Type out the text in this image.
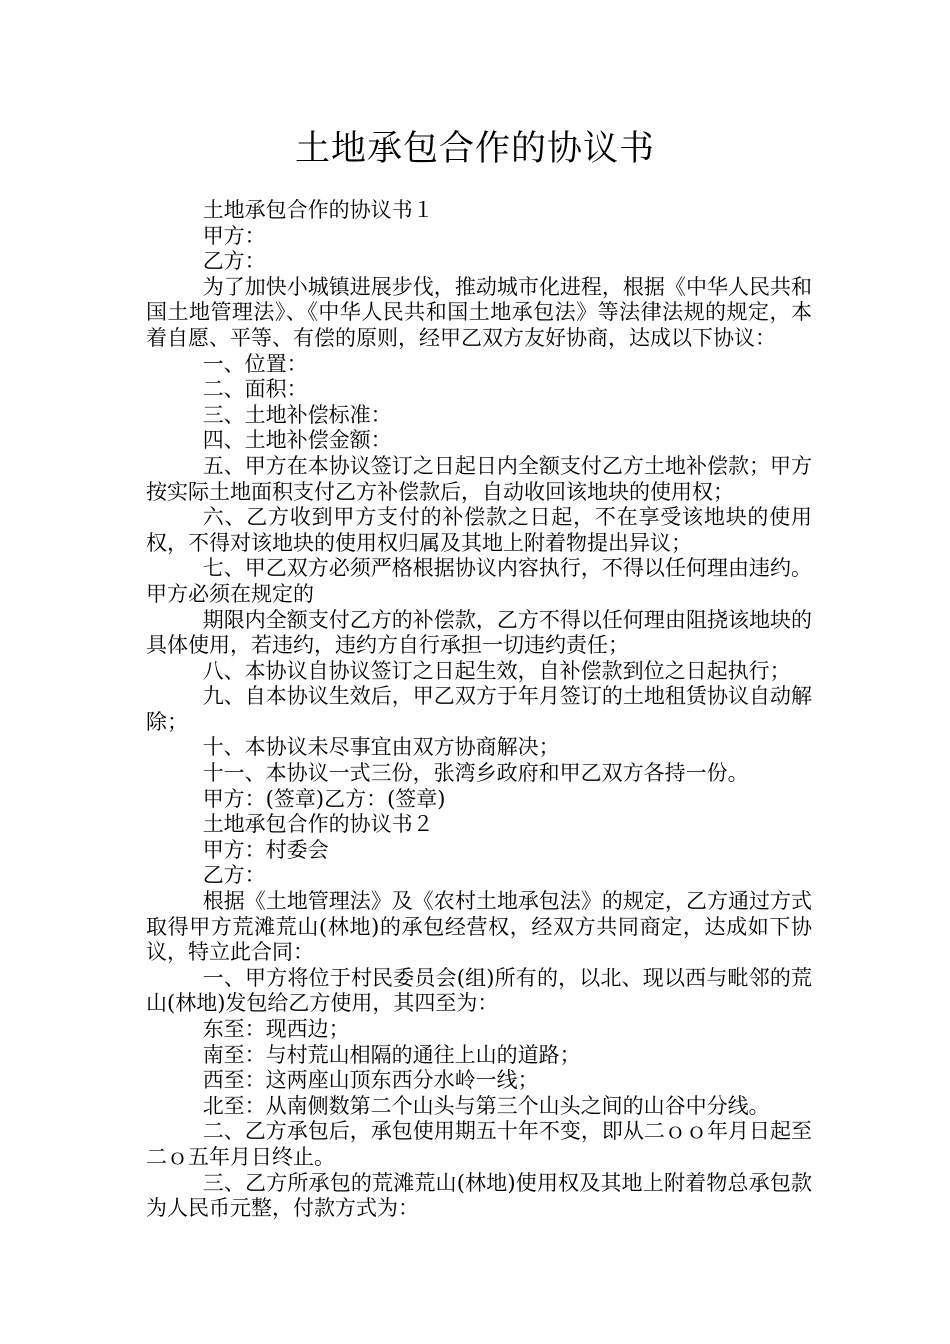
土地承包合作的协议书

土地承包合作的协议书１

甲方：

乙方：

为了加快小城镇进展步伐，推动城市化进程，根据《中华人民共和国土地管理法》、《中华人民共和国土地承包法》等法律法规的规定，本着自愿、平等、有偿的原则，经甲乙双方友好协商，达成以下协议：

一、位置：

二、面积：

三、土地补偿标准：

四、土地补偿金额：

五、甲方在本协议签订之日起日内全额支付乙方土地补偿款；甲方按实际土地面积支付乙方补偿款后，自动收回该地块的使用权；

六、乙方收到甲方支付的补偿款之日起，不在享受该地块的使用权，不得对该地块的使用权归属及其地上附着物提出异议；

七、甲乙双方必须严格根据协议内容执行，不得以任何理由违约。甲方必须在规定的

期限内全额支付乙方的补偿款，乙方不得以任何理由阻挠该地块的具体使用，若违约，违约方自行承担一切违约责任；

八、本协议自协议签订之日起生效，自补偿款到位之日起执行；

九、自本协议生效后，甲乙双方于年月签订的土地租赁协议自动解除；

十、本协议未尽事宜由双方协商解决；

十一、本协议一式三份，张湾乡政府和甲乙双方各持一份。

甲方：(签章)乙方：(签章)

土地承包合作的协议书２

甲方：村委会

乙方：

根据《土地管理法》及《农村土地承包法》的规定，乙方通过方式取得甲方荒滩荒山(林地)的承包经营权，经双方共同商定，达成如下协议，特立此合同：

一、甲方将位于村民委员会(组)所有的，以北、现以西与毗邻的荒山(林地)发包给乙方使用，其四至为：

东至：现西边；

南至：与村荒山相隔的通往上山的道路；

西至：这两座山顶东西分水岭一线；

北至：从南侧数第二个山头与第三个山头之间的山谷中分线。

二、乙方承包后，承包使用期五十年不变，即从二ｏｏ年月日起至二ｏ五年月日终止。

三、乙方所承包的荒滩荒山(林地)使用权及其地上附着物总承包款为人民币元整，付款方式为：
